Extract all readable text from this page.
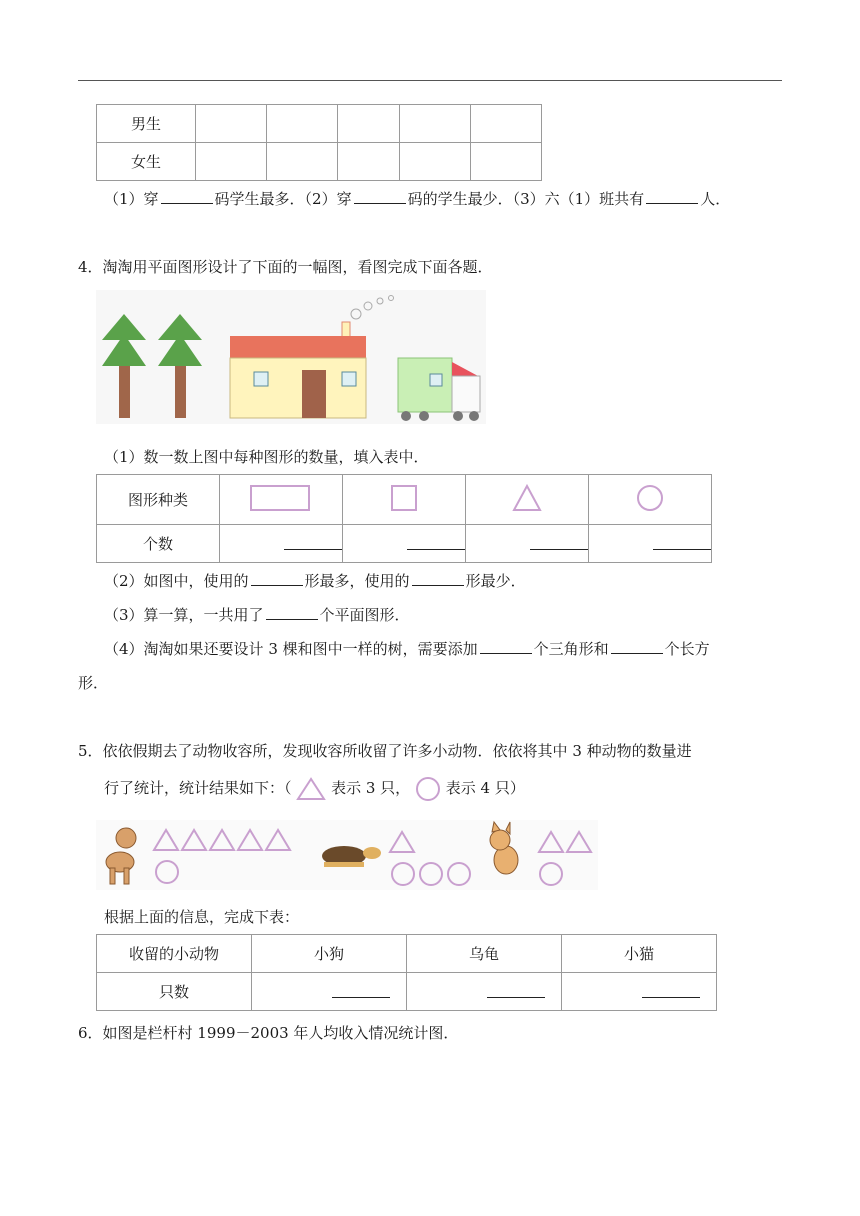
男生					
女生					
（1）穿	码学生最多．（2）穿	码的学生最少．（3）六（1）班共有	人．
4．淘淘用平面图形设计了下面的一幅图，看图完成下面各题．
（1）数一数上图中每种图形的数量，填入表中．
图形种类				
个数				
（2）如图中，使用的	形最多，使用的	形最少．
（3）算一算，一共用了	个平面图形．
（4）淘淘如果还要设计 3 棵和图中一样的树，需要添加	个三角形和	个长方
形．
5．依依假期去了动物收容所，发现收容所收留了许多小动物．依依将其中 3 种动物的数量进
行了统计，统计结果如下：（	表示 3 只， 表示 4 只）
根据上面的信息，完成下表：
收留的小动物	小狗	乌龟	小猫
只数			
6．如图是栏杆村 1999－2003 年人均收入情况统计图．
